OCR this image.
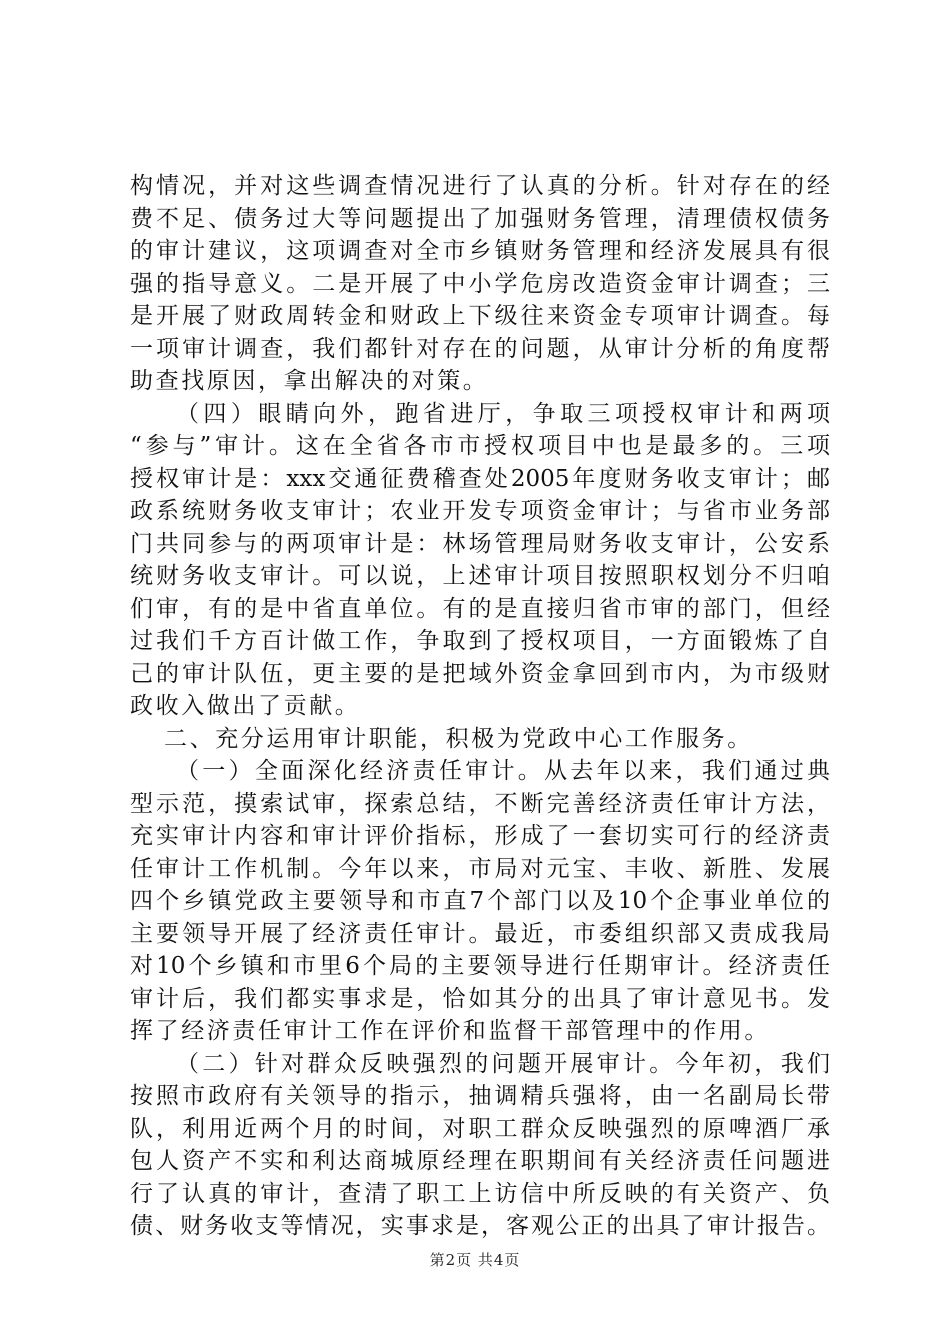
构情况，并对这些调查情况进行了认真的分析。针对存在的经
费不足、债务过大等问题提出了加强财务管理，清理债权债务
的审计建议，这项调查对全市乡镇财务管理和经济发展具有很
强的指导意义。二是开展了中小学危房改造资金审计调查；三
是开展了财政周转金和财政上下级往来资金专项审计调查。每
一项审计调查，我们都针对存在的问题，从审计分析的角度帮
助查找原因，拿出解决的对策。
（四）眼睛向外，跑省进厅，争取三项授权审计和两项
“参与”审计。这在全省各市市授权项目中也是最多的。三项
授权审计是：xxx交通征费稽查处2005年度财务收支审计；邮
政系统财务收支审计；农业开发专项资金审计；与省市业务部
门共同参与的两项审计是：林场管理局财务收支审计，公安系
统财务收支审计。可以说，上述审计项目按照职权划分不归咱
们审，有的是中省直单位。有的是直接归省市审的部门，但经
过我们千方百计做工作，争取到了授权项目，一方面锻炼了自
己的审计队伍，更主要的是把域外资金拿回到市内，为市级财
政收入做出了贡献。
二、充分运用审计职能，积极为党政中心工作服务。
（一）全面深化经济责任审计。从去年以来，我们通过典
型示范，摸索试审，探索总结，不断完善经济责任审计方法，
充实审计内容和审计评价指标，形成了一套切实可行的经济责
任审计工作机制。今年以来，市局对元宝、丰收、新胜、发展
四个乡镇党政主要领导和市直7个部门以及10个企事业单位的
主要领导开展了经济责任审计。最近，市委组织部又责成我局
对10个乡镇和市里6个局的主要领导进行任期审计。经济责任
审计后，我们都实事求是，恰如其分的出具了审计意见书。发
挥了经济责任审计工作在评价和监督干部管理中的作用。
（二）针对群众反映强烈的问题开展审计。今年初，我们
按照市政府有关领导的指示，抽调精兵强将，由一名副局长带
队，利用近两个月的时间，对职工群众反映强烈的原啤酒厂承
包人资产不实和利达商城原经理在职期间有关经济责任问题进
行了认真的审计，查清了职工上访信中所反映的有关资产、负
债、财务收支等情况，实事求是，客观公正的出具了审计报告。
第2页 共4页
